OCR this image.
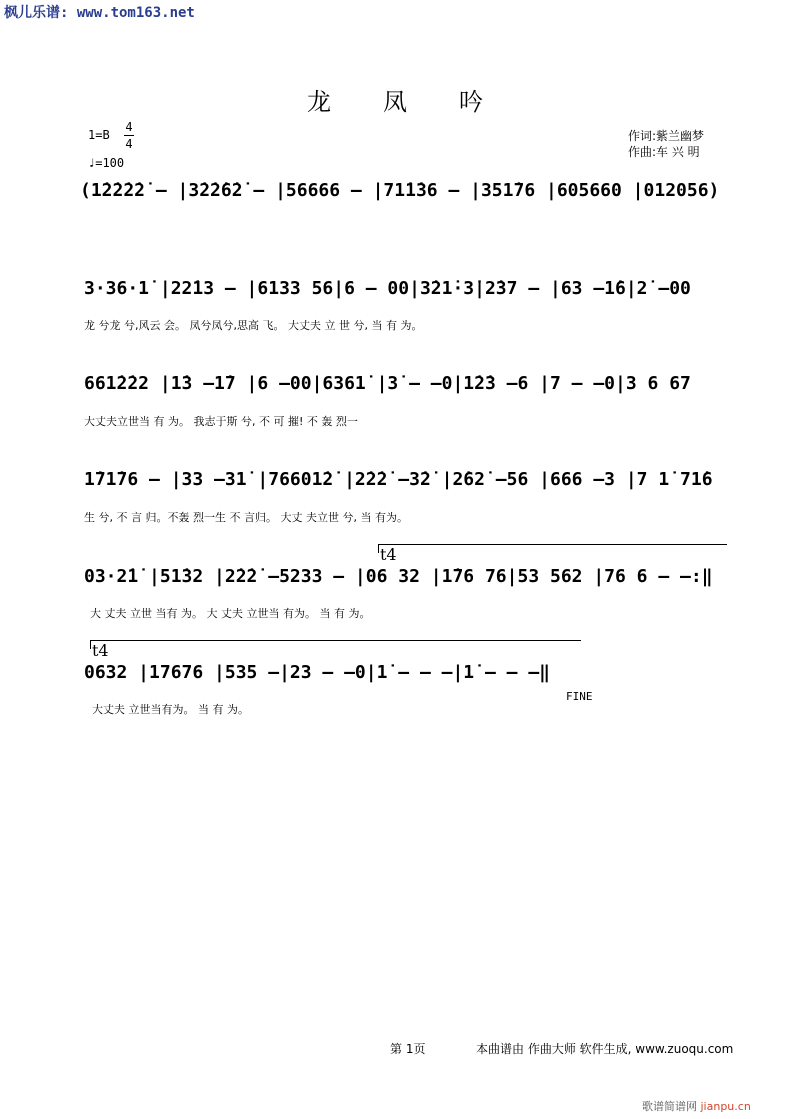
枫儿乐谱: www.tom163.net
龙凤吟
1=B
4
4
♩=100
作词:紫兰幽梦
作曲:车 兴 明
(1̇2̇2̇2̇2̇ – |3̇2̇2̇6̇2̇ – |56666 – |71̇1̇36 – |351̇76 |605660 |012056)
3·36·1̇ |22̇13 – |6133 56|6 – 00|3̇21̇·3̇|2̇37 – |63 –1̇6|2̇ –00
龙 兮龙 兮,风云 会。 凤兮凤兮,思高 飞。 大丈夫 立 世 兮, 当 有 为。
661̇2̇22 |1̇3 –1̇7 |6 –00|6361̇ |3̇ – –0|1̇2̇3 –6 |7 – –0|3 6 67
大丈夫立世当 有 为。 我志于斯 兮, 不 可 摧! 不 轰 烈一
1̇71̇76 – |33 –31̇ |76601̇2̇ |2̇2̇2̇ –3̇2̇ |2̇62̇ –56 |666 –3 |7 1̇ 71̇6
生 兮, 不 言 归。不轰 烈一生 不 言归。 大丈 夫立世 兮, 当 有为。
t4
03·2̇1̇ |51̇32 |2̇2̇2̇ –5233 – |06 32 |1̇76 76|53 562 |76 6 – –:‖
大 丈夫 立世 当有 为。 大 丈夫 立世当 有为。 当 有 为。
t4
0632 |17676 |535 –|23 – –0|1̇ – – –|1̇ – – –‖
FINE
大丈夫 立世当有为。 当 有 为。
第 1页	本曲谱由 作曲大师 软件生成, www.zuoqu.com
歌谱简谱网 jianpu.cn
